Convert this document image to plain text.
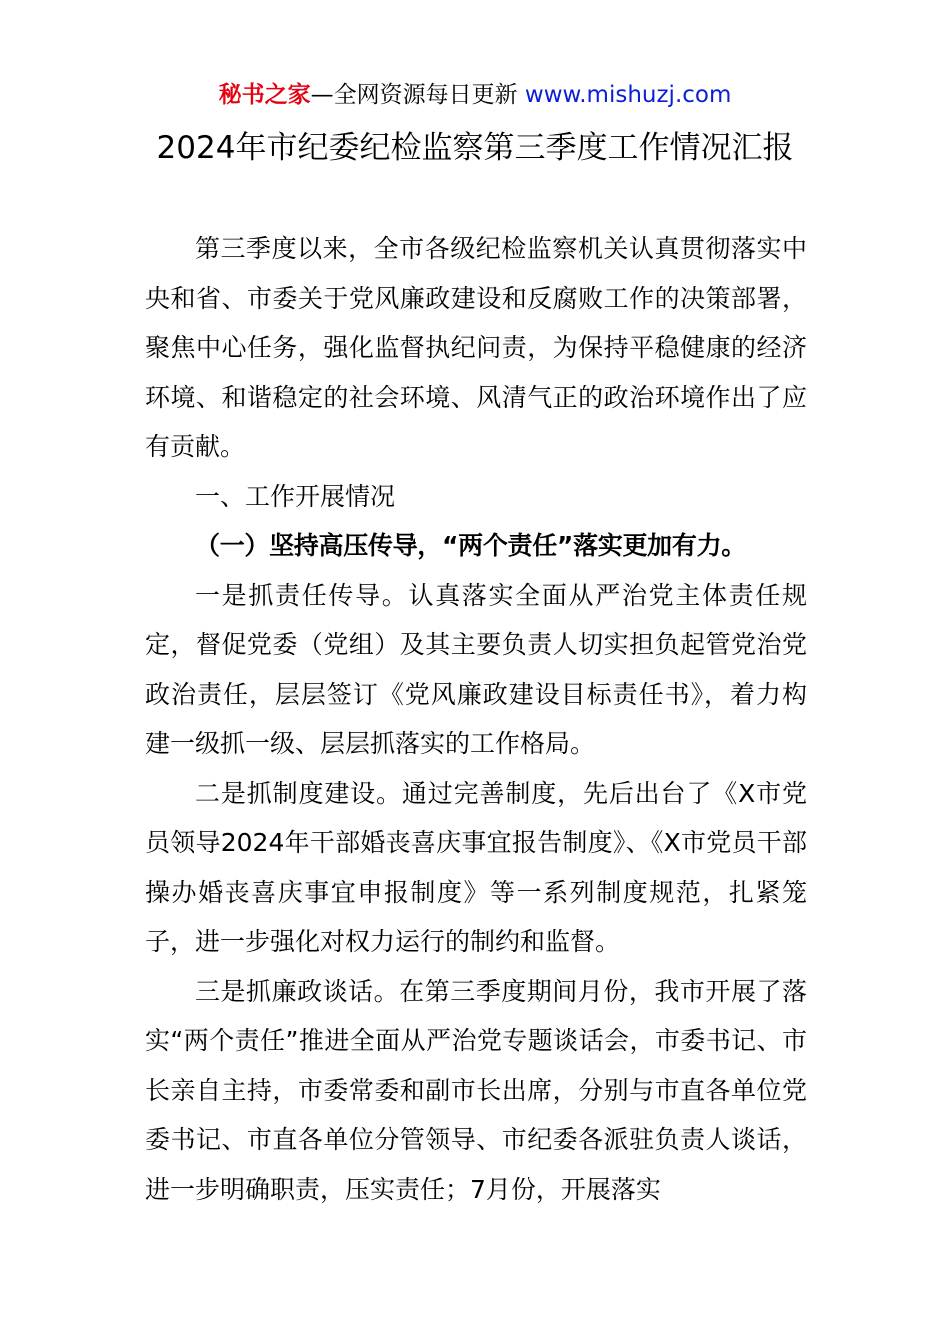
秘书之家—全网资源每日更新 www.mishuzj.com
2024年市纪委纪检监察第三季度工作情况汇报

第三季度以来，全市各级纪检监察机关认真贯彻落实中央和省、市委关于党风廉政建设和反腐败工作的决策部署，聚焦中心任务，强化监督执纪问责，为保持平稳健康的经济环境、和谐稳定的社会环境、风清气正的政治环境作出了应有贡献。

一、工作开展情况

（一）坚持高压传导，“两个责任”落实更加有力。

一是抓责任传导。认真落实全面从严治党主体责任规定，督促党委（党组）及其主要负责人切实担负起管党治党政治责任，层层签订《党风廉政建设目标责任书》，着力构建一级抓一级、层层抓落实的工作格局。

二是抓制度建设。通过完善制度，先后出台了《X市党员领导2024年干部婚丧喜庆事宜报告制度》、《X市党员干部操办婚丧喜庆事宜申报制度》等一系列制度规范，扎紧笼子，进一步强化对权力运行的制约和监督。

三是抓廉政谈话。在第三季度期间月份，我市开展了落实“两个责任”推进全面从严治党专题谈话会，市委书记、市长亲自主持，市委常委和副市长出席，分别与市直各单位党委书记、市直各单位分管领导、市纪委各派驻负责人谈话，进一步明确职责，压实责任；7月份，开展落实
